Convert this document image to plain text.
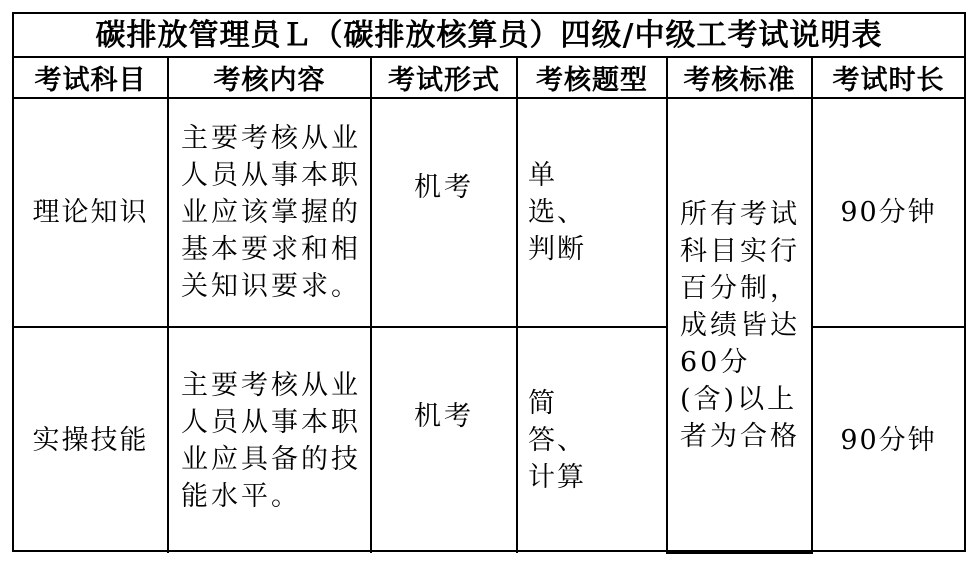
碳排放管理员Ｌ（碳排放核算员）四级/中级工考试说明表
考试科目	考核内容	考试形式	考核题型	考核标准	考试时长
理论知识	主要考核从业人员从事本职业应该掌握的基本要求和相关知识要求。	机考	单选、判断	所有考试科目实行百分制，成绩皆达60分(含)以上者为合格	90分钟
实操技能	主要考核从业人员从事本职业应具备的技能水平。	机考	简答、计算		90分钟
